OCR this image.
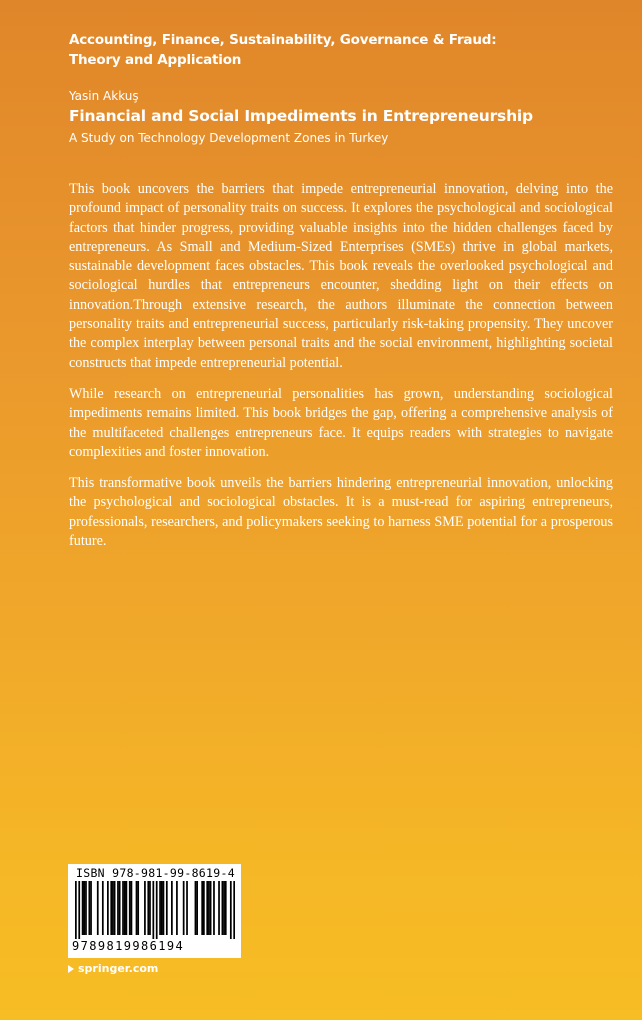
Accounting, Finance, Sustainability, Governance & Fraud:
Theory and Application
Yasin Akkuş
Financial and Social Impediments in Entrepreneurship
A Study on Technology Development Zones in Turkey

This book uncovers the barriers that impede entrepreneurial innovation, delving into the profound impact of personality traits on success. It explores the psychological and sociological factors that hinder progress, providing valuable insights into the hidden challenges faced by entrepreneurs. As Small and Medium-Sized Enterprises (SMEs) thrive in global markets, sustainable development faces obstacles. This book reveals the overlooked psychological and sociological hurdles that entrepreneurs encounter, shedding light on their effects on innovation.Through extensive research, the authors illuminate the connection between personality traits and entrepreneurial success, particularly risk-taking propensity. They uncover the complex interplay between personal traits and the social environment, highlighting societal constructs that impede entrepreneurial potential.

While research on entrepreneurial personalities has grown, understanding sociological impediments remains limited. This book bridges the gap, offering a comprehensive analysis of the multifaceted challenges entrepreneurs face. It equips readers with strategies to navigate complexities and foster innovation.

This transformative book unveils the barriers hindering entrepreneurial innovation, unlocking the psychological and sociological obstacles. It is a must-read for aspiring entrepreneurs, professionals, researchers, and policymakers seeking to harness SME potential for a prosperous future.

ISBN 978-981-99-8619-4
9789819986194
springer.com
